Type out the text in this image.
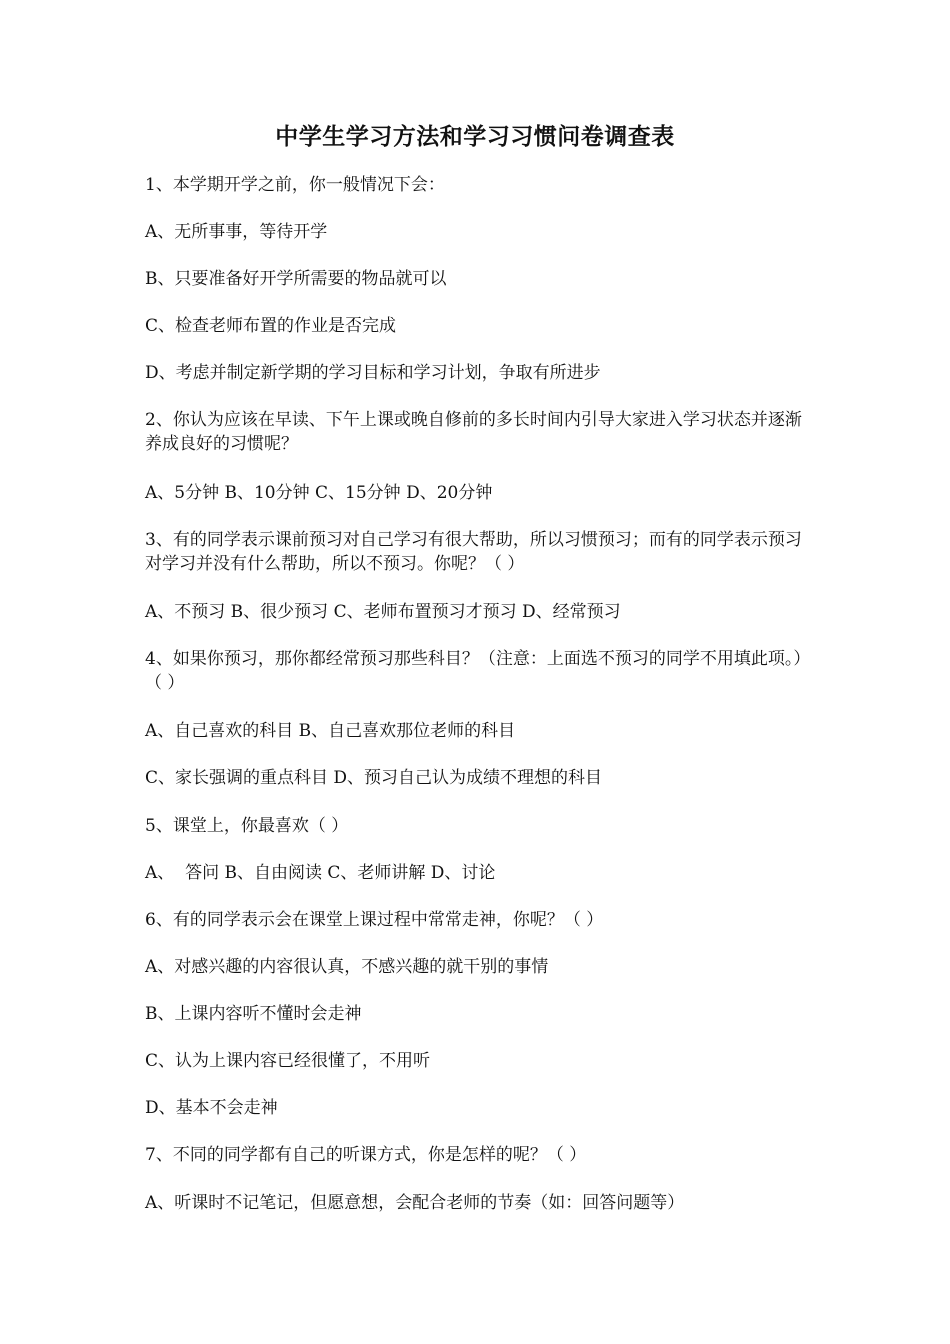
中学生学习方法和学习习惯问卷调查表
1、本学期开学之前，你一般情况下会：
A、无所事事，等待开学
B、只要准备好开学所需要的物品就可以
C、检查老师布置的作业是否完成
D、考虑并制定新学期的学习目标和学习计划，争取有所进步
2、你认为应该在早读、下午上课或晚自修前的多长时间内引导大家进入学习状态并逐渐养成良好的习惯呢？
A、5分钟 B、10分钟 C、15分钟 D、20分钟
3、有的同学表示课前预习对自己学习有很大帮助，所以习惯预习；而有的同学表示预习对学习并没有什么帮助，所以不预习。你呢？（ ）
A、不预习 B、很少预习 C、老师布置预习才预习 D、经常预习
4、如果你预习，那你都经常预习那些科目？（注意：上面选不预习的同学不用填此项。）（ ）
A、自己喜欢的科目 B、自己喜欢那位老师的科目
C、家长强调的重点科目 D、预习自己认为成绩不理想的科目
5、课堂上，你最喜欢（ ）
A、  答问 B、自由阅读 C、老师讲解 D、讨论
6、有的同学表示会在课堂上课过程中常常走神，你呢？（ ）
A、对感兴趣的内容很认真，不感兴趣的就干别的事情
B、上课内容听不懂时会走神
C、认为上课内容已经很懂了，不用听
D、基本不会走神
7、不同的同学都有自己的听课方式，你是怎样的呢？（ ）
A、听课时不记笔记，但愿意想，会配合老师的节奏（如：回答问题等）
